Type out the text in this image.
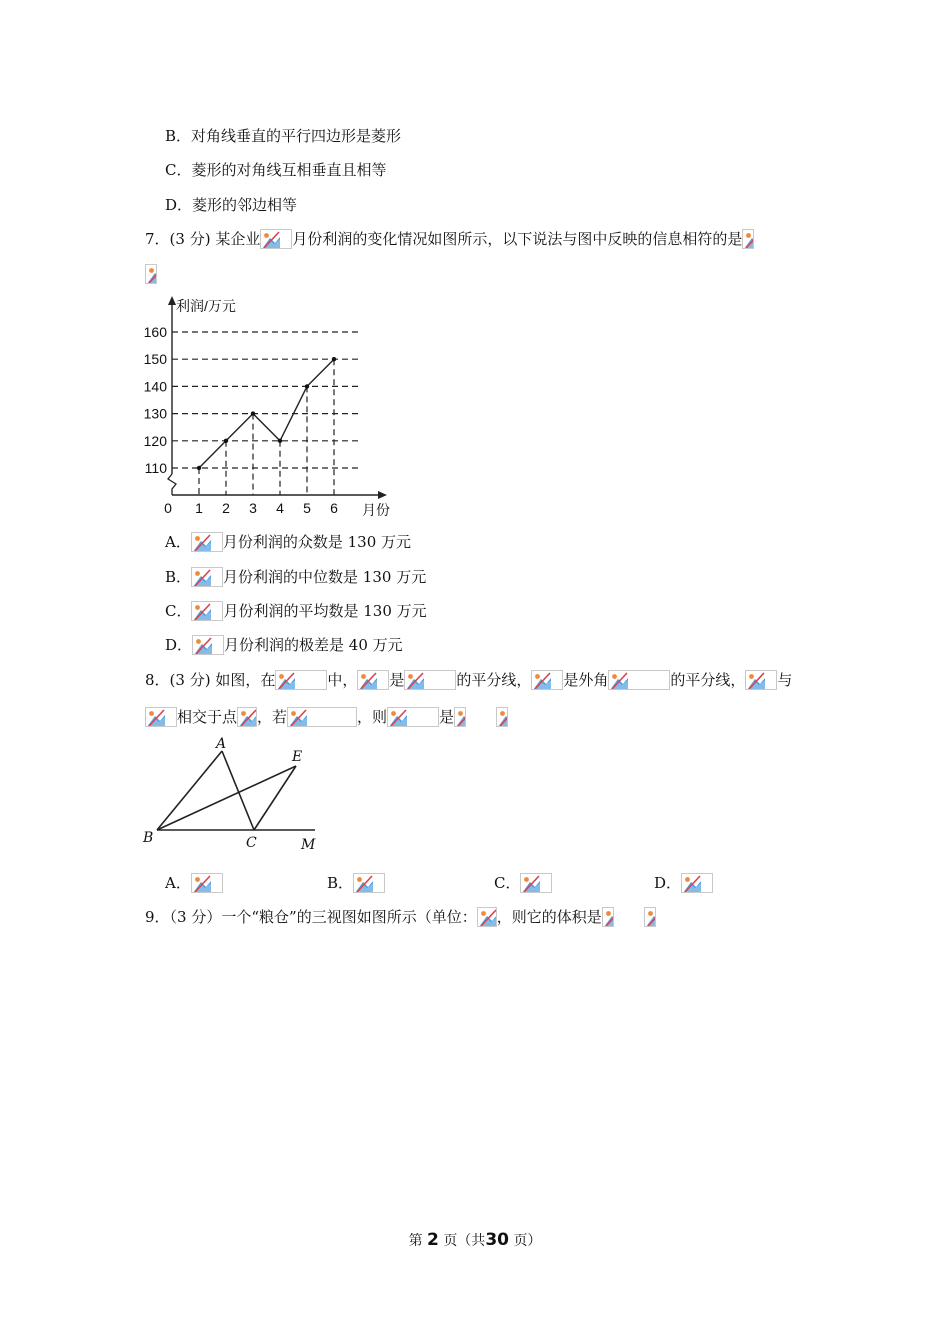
B．对角线垂直的平行四边形是菱形
C．菱形的对角线互相垂直且相等
D．菱形的邻边相等
7．(3 分) 某企业 月份利润的变化情况如图所示，以下说法与图中反映的信息相符的是
110
120
130
140
150
160
利润/万元
月份
0 1 2 3 4 5 6
A． 月份利润的众数是 130 万元
B． 月份利润的中位数是 130 万元
C． 月份利润的平均数是 130 万元
D． 月份利润的极差是 40 万元
8．(3 分) 如图，在	中， 是	的平分线， 是外角	的平分线， 与
相交于点 ，若	，则	是
A
E
B	C	M
A．	B．	C．	D．
9．（3 分）一个“粮仓”的三视图如图所示（单位： ，则它的体积是
第 2 页（共30 页）
